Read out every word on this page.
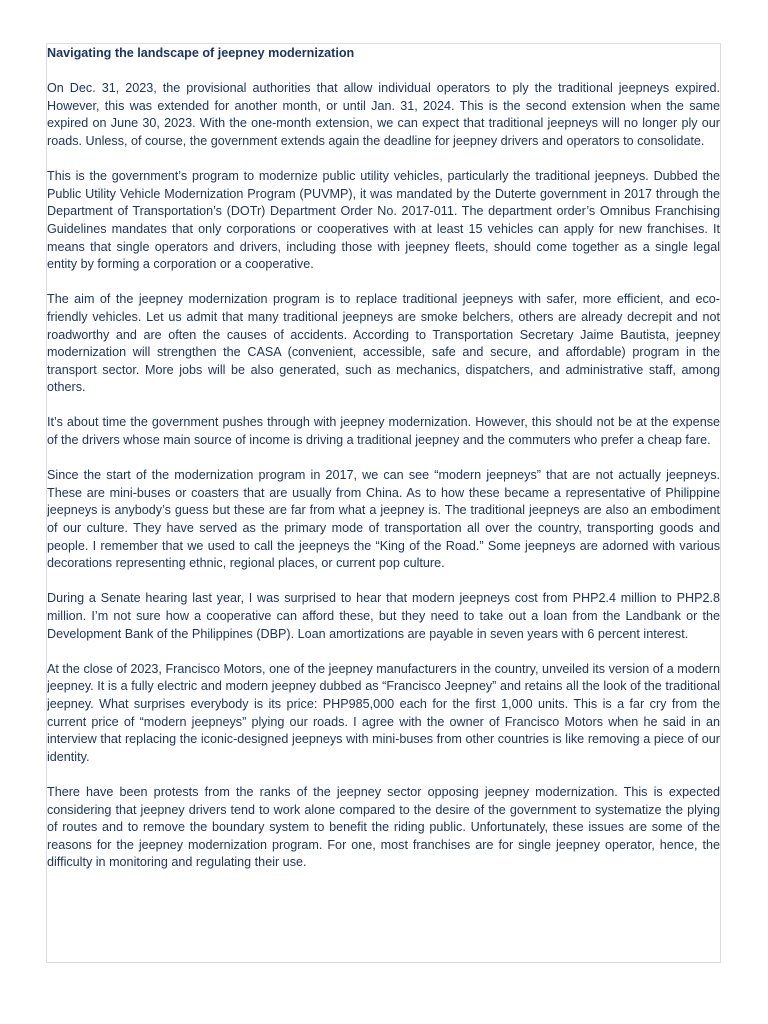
Navigating the landscape of jeepney modernization

On Dec. 31, 2023, the provisional authorities that allow individual operators to ply the traditional jeepneys expired. However, this was extended for another month, or until Jan. 31, 2024. This is the second extension when the same expired on June 30, 2023. With the one-month extension, we can expect that traditional jeepneys will no longer ply our roads. Unless, of course, the government extends again the deadline for jeepney drivers and operators to consolidate.

This is the government’s program to modernize public utility vehicles, particularly the traditional jeepneys. Dubbed the Public Utility Vehicle Modernization Program (PUVMP), it was mandated by the Duterte government in 2017 through the Department of Transportation’s (DOTr) Department Order No. 2017-011. The department order’s Omnibus Franchising Guidelines mandates that only corporations or cooperatives with at least 15 vehicles can apply for new franchises. It means that single operators and drivers, including those with jeepney fleets, should come together as a single legal entity by forming a corporation or a cooperative.

The aim of the jeepney modernization program is to replace traditional jeepneys with safer, more efficient, and eco-friendly vehicles. Let us admit that many traditional jeepneys are smoke belchers, others are already decrepit and not roadworthy and are often the causes of accidents. According to Transportation Secretary Jaime Bautista, jeepney modernization will strengthen the CASA (convenient, accessible, safe and secure, and affordable) program in the transport sector. More jobs will be also generated, such as mechanics, dispatchers, and administrative staff, among others.

It’s about time the government pushes through with jeepney modernization. However, this should not be at the expense of the drivers whose main source of income is driving a traditional jeepney and the commuters who prefer a cheap fare.

Since the start of the modernization program in 2017, we can see “modern jeepneys” that are not actually jeepneys. These are mini-buses or coasters that are usually from China. As to how these became a representative of Philippine jeepneys is anybody’s guess but these are far from what a jeepney is. The traditional jeepneys are also an embodiment of our culture. They have served as the primary mode of transportation all over the country, transporting goods and people. I remember that we used to call the jeepneys the “King of the Road.” Some jeepneys are adorned with various decorations representing ethnic, regional places, or current pop culture.

During a Senate hearing last year, I was surprised to hear that modern jeepneys cost from PHP2.4 million to PHP2.8 million. I’m not sure how a cooperative can afford these, but they need to take out a loan from the Landbank or the Development Bank of the Philippines (DBP). Loan amortizations are payable in seven years with 6 percent interest.

At the close of 2023, Francisco Motors, one of the jeepney manufacturers in the country, unveiled its version of a modern jeepney. It is a fully electric and modern jeepney dubbed as “Francisco Jeepney” and retains all the look of the traditional jeepney. What surprises everybody is its price: PHP985,000 each for the first 1,000 units. This is a far cry from the current price of “modern jeepneys” plying our roads. I agree with the owner of Francisco Motors when he said in an interview that replacing the iconic-designed jeepneys with mini-buses from other countries is like removing a piece of our identity.

There have been protests from the ranks of the jeepney sector opposing jeepney modernization. This is expected considering that jeepney drivers tend to work alone compared to the desire of the government to systematize the plying of routes and to remove the boundary system to benefit the riding public. Unfortunately, these issues are some of the reasons for the jeepney modernization program. For one, most franchises are for single jeepney operator, hence, the difficulty in monitoring and regulating their use.
